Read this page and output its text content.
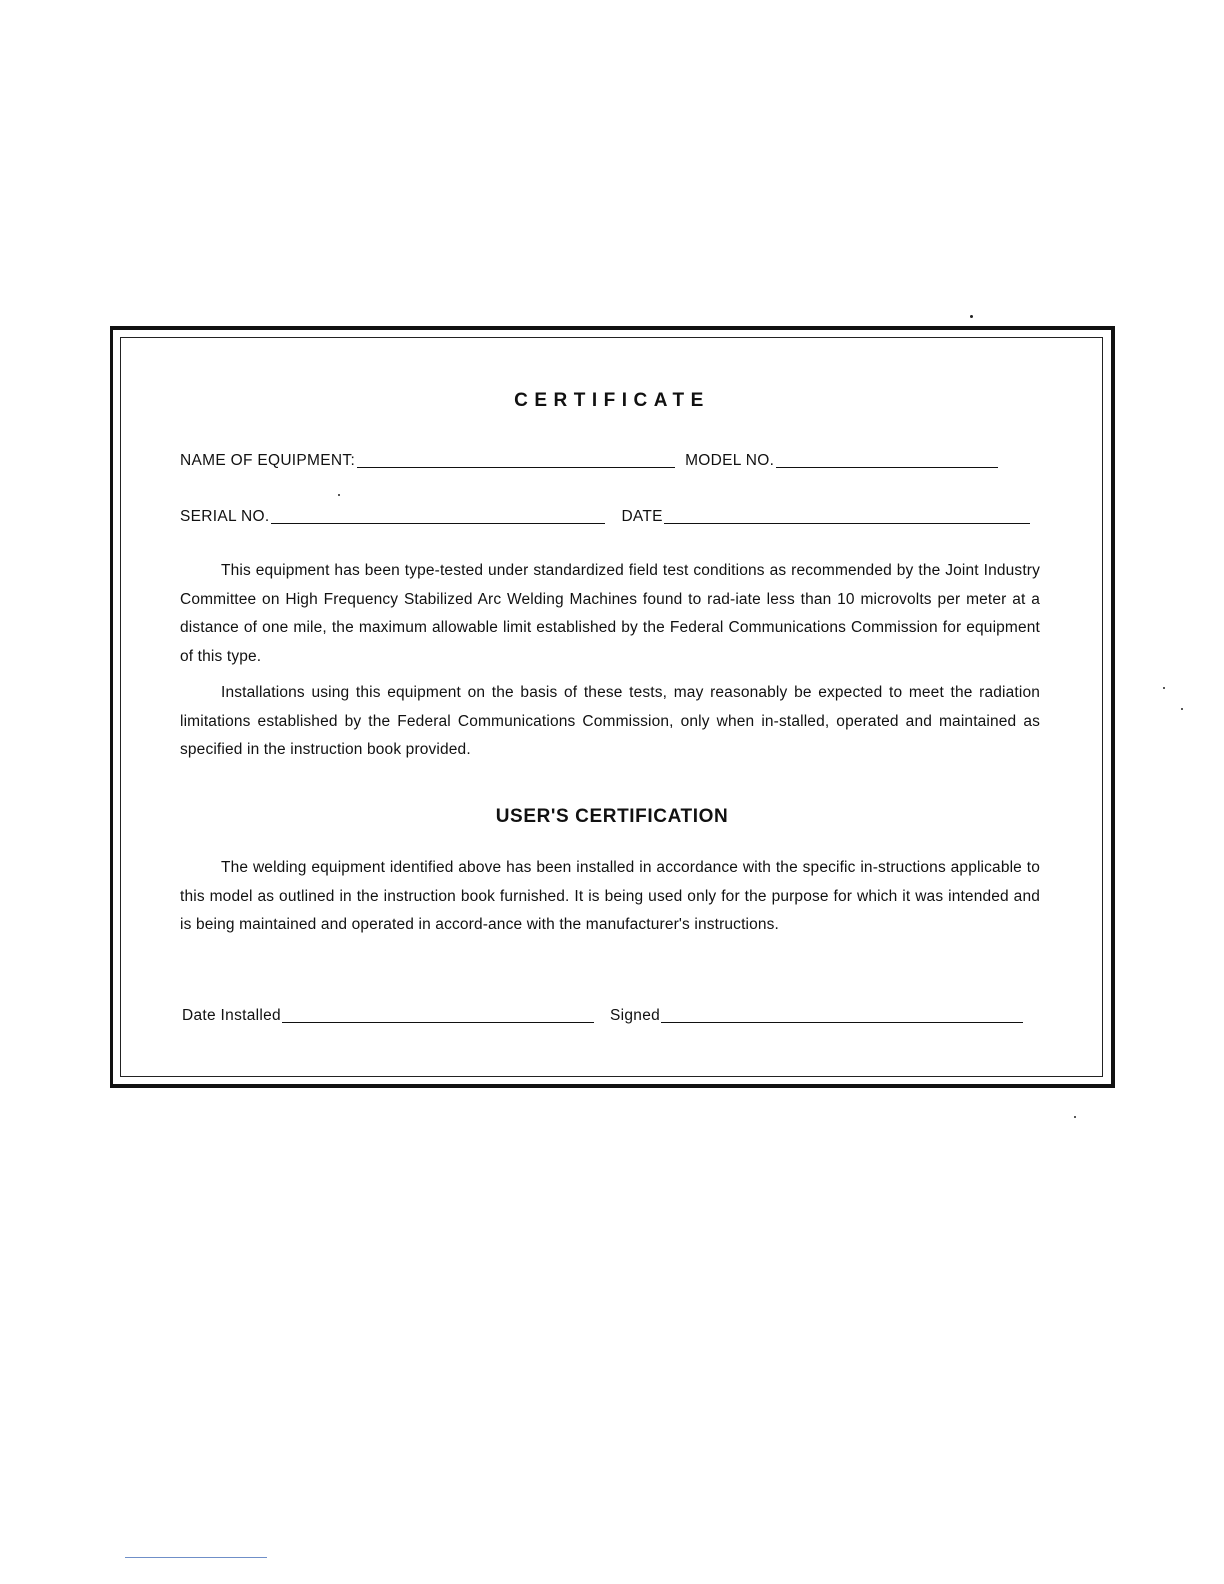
CERTIFICATE
NAME OF EQUIPMENT:	MODEL NO.
SERIAL NO.	DATE

This equipment has been type-tested under standardized field test conditions as recommended by the Joint Industry Committee on High Frequency Stabilized Arc Welding Machines found to rad-iate less than 10 microvolts per meter at a distance of one mile, the maximum allowable limit established by the Federal Communications Commission for equipment of this type.

Installations using this equipment on the basis of these tests, may reasonably be expected to meet the radiation limitations established by the Federal Communications Commission, only when in-stalled, operated and maintained as specified in the instruction book provided.

USER'S CERTIFICATION

The welding equipment identified above has been installed in accordance with the specific in-structions applicable to this model as outlined in the instruction book furnished. It is being used only for the purpose for which it was intended and is being maintained and operated in accord-ance with the manufacturer's instructions.

Date Installed	Signed
